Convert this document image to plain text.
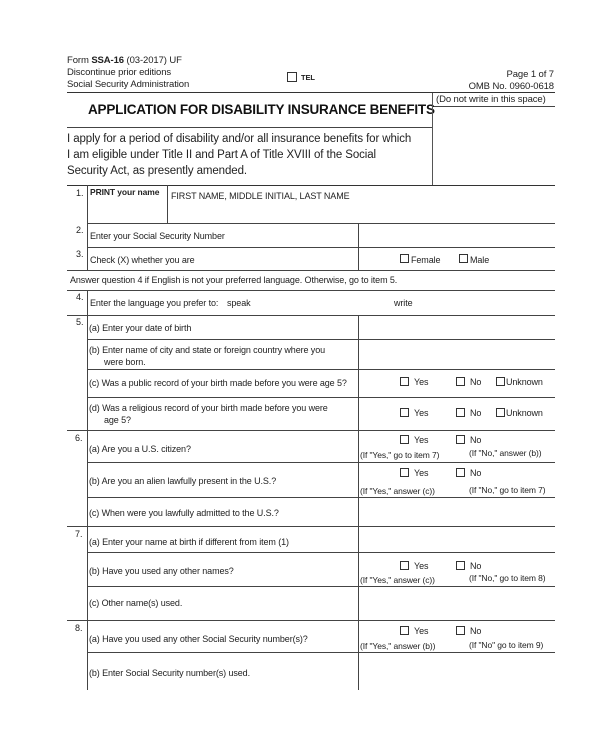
Form SSA-16 (03-2017) UF
Discontinue prior editions
Social Security Administration
TEL	Page 1 of 7
OMB No. 0960-0618
(Do not write in this space)
APPLICATION FOR DISABILITY INSURANCE BENEFITS
I apply for a period of disability and/or all insurance benefits for which I am eligible under Title II and Part A of Title XVIII of the Social Security Act, as presently amended.
1. PRINT your name FIRST NAME, MIDDLE INITIAL, LAST NAME
2.
Enter your Social Security Number
3.
Check (X) whether you are	Female	Male
Answer question 4 if English is not your preferred language. Otherwise, go to item 5.
4.
Enter the language you prefer to: speak	write
5.
(a) Enter your date of birth
(b) Enter name of city and state or foreign country where you
were born.
(c) Was a public record of your birth made before you were age 5?	Yes	No	Unknown
(d) Was a religious record of your birth made before you were
age 5?
Yes	No	Unknown
6.
(a) Are you a U.S. citizen?
Yes	No
(If "Yes," go to item 7)	(If "No," answer (b))
(b) Are you an alien lawfully present in the U.S.?
Yes	No
(If "Yes," answer (c))	(If "No," go to item 7)
(c) When were you lawfully admitted to the U.S.?
7.
(a) Enter your name at birth if different from item (1)
(b) Have you used any other names?	Yes	No
(If "Yes," answer (c))	(If "No," go to item 8)
(c) Other name(s) used.
8.
(a) Have you used any other Social Security number(s)?
Yes	No
(If "Yes," answer (b))	(If "No" go to item 9)
(b) Enter Social Security number(s) used.
